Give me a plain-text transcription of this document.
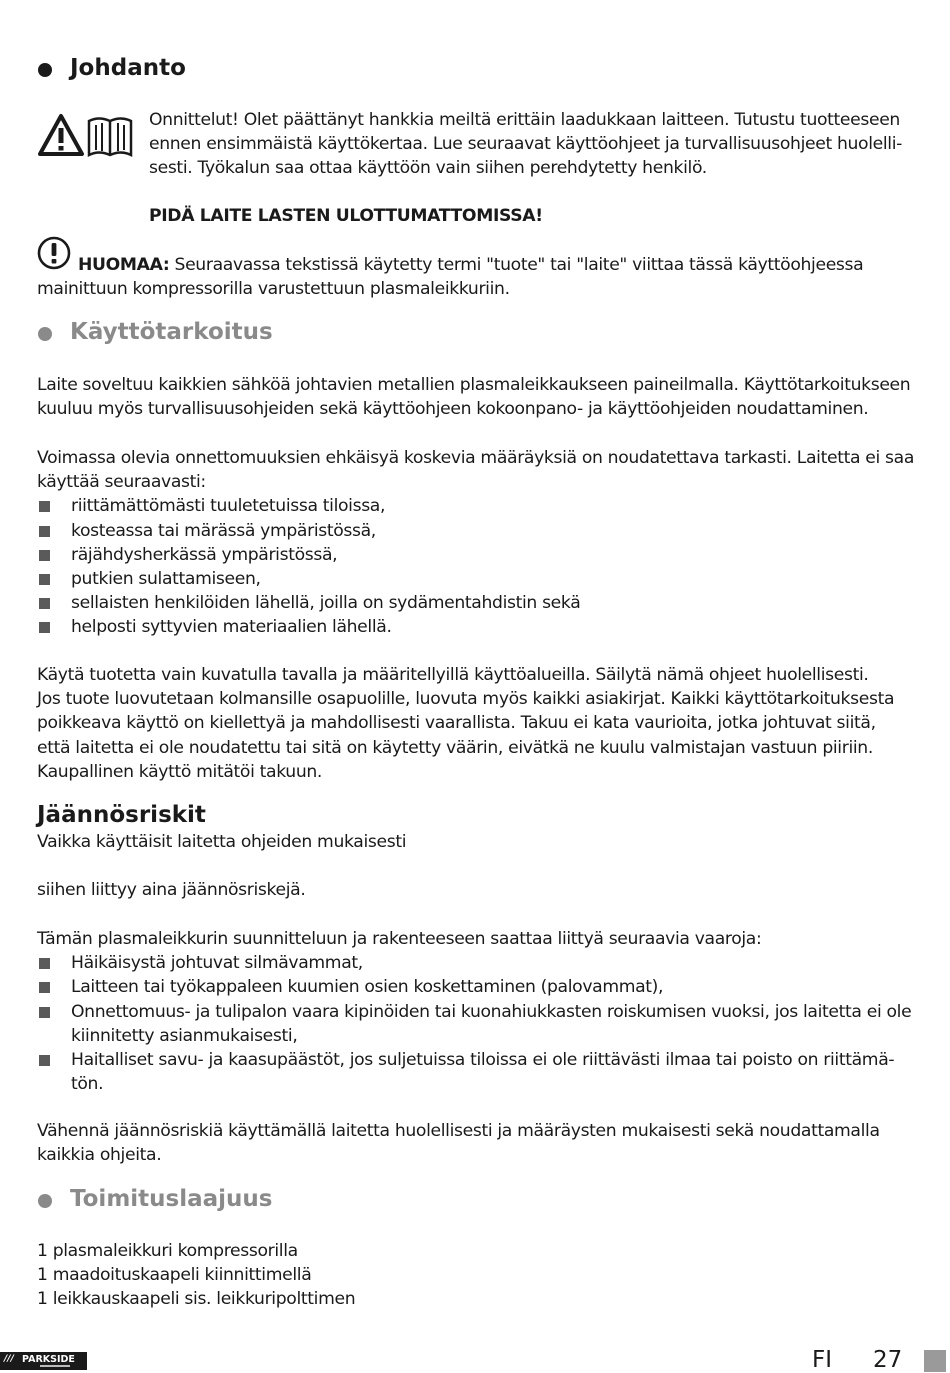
Johdanto
Onnittelut! Olet päättänyt hankkia meiltä erittäin laadukkaan laitteen. Tutustu tuotteeseen
ennen ensimmäistä käyttökertaa. Lue seuraavat käyttöohjeet ja turvallisuusohjeet huolelli-
sesti. Työkalun saa ottaa käyttöön vain siihen perehdytetty henkilö.
PIDÄ LAITE LASTEN ULOTTUMATTOMISSA!
HUOMAA: Seuraavassa tekstissä käytetty termi "tuote" tai "laite" viittaa tässä käyttöohjeessa
mainittuun kompressorilla varustettuun plasmaleikkuriin.
Käyttötarkoitus
Laite soveltuu kaikkien sähköä johtavien metallien plasmaleikkaukseen paineilmalla. Käyttötarkoitukseen
kuuluu myös turvallisuusohjeiden sekä käyttöohjeen kokoonpano- ja käyttöohjeiden noudattaminen.
Voimassa olevia onnettomuuksien ehkäisyä koskevia määräyksiä on noudatettava tarkasti. Laitetta ei saa
käyttää seuraavasti:
riittämättömästi tuuletetuissa tiloissa,
kosteassa tai märässä ympäristössä,
räjähdysherkässä ympäristössä,
putkien sulattamiseen,
sellaisten henkilöiden lähellä, joilla on sydämentahdistin sekä
helposti syttyvien materiaalien lähellä.
Käytä tuotetta vain kuvatulla tavalla ja määritellyillä käyttöalueilla. Säilytä nämä ohjeet huolellisesti.
Jos tuote luovutetaan kolmansille osapuolille, luovuta myös kaikki asiakirjat. Kaikki käyttötarkoituksesta
poikkeava käyttö on kiellettyä ja mahdollisesti vaarallista. Takuu ei kata vaurioita, jotka johtuvat siitä,
että laitetta ei ole noudatettu tai sitä on käytetty väärin, eivätkä ne kuulu valmistajan vastuun piiriin.
Kaupallinen käyttö mitätöi takuun.
Jäännösriskit
Vaikka käyttäisit laitetta ohjeiden mukaisesti
siihen liittyy aina jäännösriskejä.
Tämän plasmaleikkurin suunnitteluun ja rakenteeseen saattaa liittyä seuraavia vaaroja:
Häikäisystä johtuvat silmävammat,
Laitteen tai työkappaleen kuumien osien koskettaminen (palovammat),
Onnettomuus- ja tulipalon vaara kipinöiden tai kuonahiukkasten roiskumisen vuoksi, jos laitetta ei ole
kiinnitetty asianmukaisesti,
Haitalliset savu- ja kaasupäästöt, jos suljetuissa tiloissa ei ole riittävästi ilmaa tai poisto on riittämä-
tön.
Vähennä jäännösriskiä käyttämällä laitetta huolellisesti ja määräysten mukaisesti sekä noudattamalla
kaikkia ohjeita.
Toimituslaajuus
1 plasmaleikkuri kompressorilla
1 maadoituskaapeli kiinnittimellä
1 leikkauskaapeli sis. leikkuripolttimen
/// PARKSIDE	FI 27
